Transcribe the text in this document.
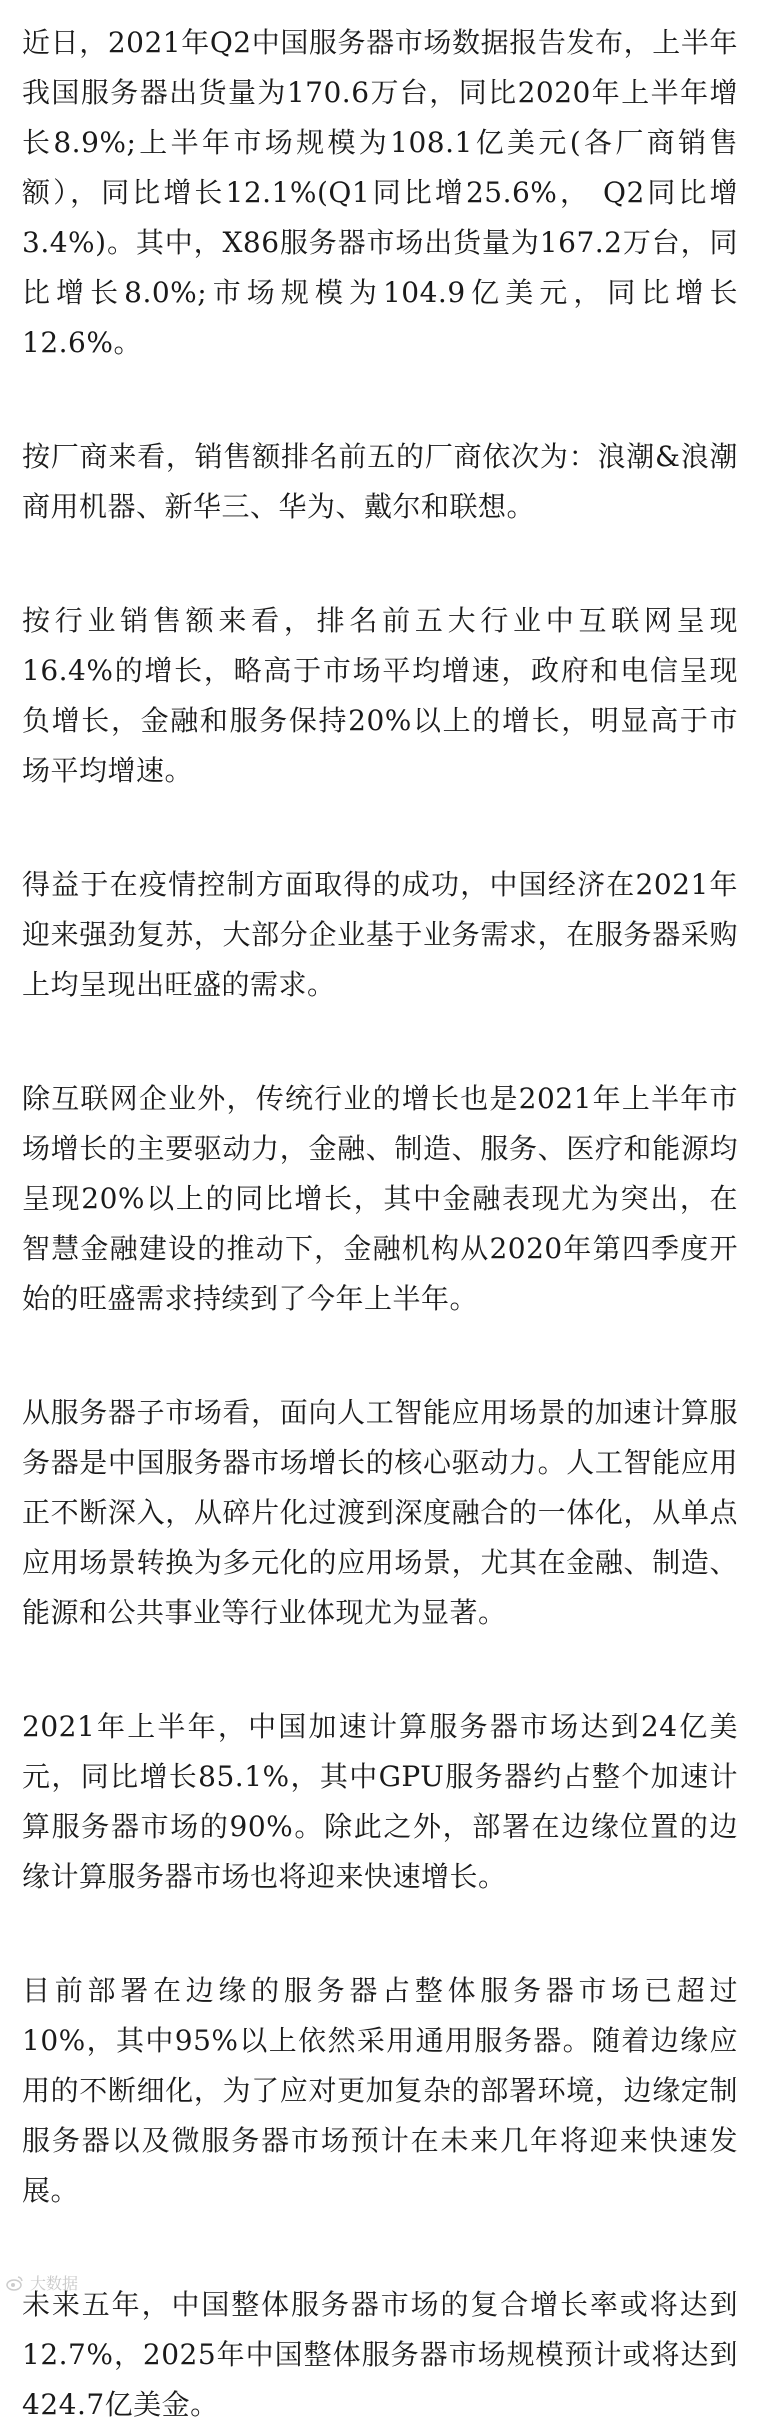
近日，2021年Q2中国服务器市场数据报告发布，上半年我国服务器出货量为170.6万台，同比2020年上半年增长8.9%;上半年市场规模为108.1亿美元(各厂商销售额），同比增长12.1%(Q1同比增25.6%， Q2同比增3.4%)。其中，X86服务器市场出货量为167.2万台，同比增长8.0%;市场规模为104.9亿美元，同比增长12.6%。

按厂商来看，销售额排名前五的厂商依次为：浪潮&浪潮商用机器、新华三、华为、戴尔和联想。

按行业销售额来看，排名前五大行业中互联网呈现16.4%的增长，略高于市场平均增速，政府和电信呈现负增长，金融和服务保持20%以上的增长，明显高于市场平均增速。

得益于在疫情控制方面取得的成功，中国经济在2021年迎来强劲复苏，大部分企业基于业务需求，在服务器采购上均呈现出旺盛的需求。

除互联网企业外，传统行业的增长也是2021年上半年市场增长的主要驱动力，金融、制造、服务、医疗和能源均呈现20%以上的同比增长，其中金融表现尤为突出，在智慧金融建设的推动下，金融机构从2020年第四季度开始的旺盛需求持续到了今年上半年。

从服务器子市场看，面向人工智能应用场景的加速计算服务器是中国服务器市场增长的核心驱动力。人工智能应用正不断深入，从碎片化过渡到深度融合的一体化，从单点应用场景转换为多元化的应用场景，尤其在金融、制造、能源和公共事业等行业体现尤为显著。

2021年上半年，中国加速计算服务器市场达到24亿美元，同比增长85.1%，其中GPU服务器约占整个加速计算服务器市场的90%。除此之外，部署在边缘位置的边缘计算服务器市场也将迎来快速增长。

目前部署在边缘的服务器占整体服务器市场已超过10%，其中95%以上依然采用通用服务器。随着边缘应用的不断细化，为了应对更加复杂的部署环境，边缘定制服务器以及微服务器市场预计在未来几年将迎来快速发展。

未来五年，中国整体服务器市场的复合增长率或将达到12.7%，2025年中国整体服务器市场规模预计或将达到424.7亿美金。

大数据
